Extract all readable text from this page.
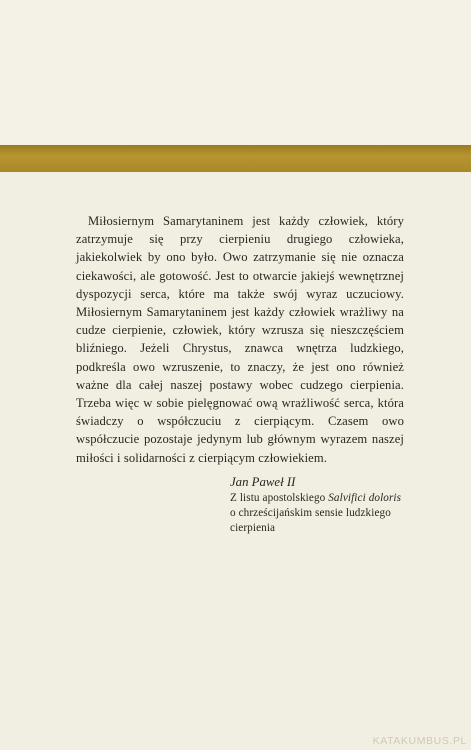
Miłosiernym Samarytaninem jest każdy człowiek, który zatrzymuje się przy cierpieniu drugiego człowieka, jakiekolwiek by ono było. Owo zatrzymanie się nie oznacza ciekawości, ale gotowość. Jest to otwarcie jakiejś wewnętrznej dyspozycji serca, które ma także swój wyraz uczuciowy. Miłosiernym Samarytaninem jest każdy człowiek wrażliwy na cudze cierpienie, człowiek, który wzrusza się nieszczęściem bliźniego. Jeżeli Chrystus, znawca wnętrza ludzkiego, podkreśla owo wzruszenie, to znaczy, że jest ono również ważne dla całej naszej postawy wobec cudzego cierpienia. Trzeba więc w sobie pielęgnować ową wrażliwość serca, która świadczy o współczuciu z cierpiącym. Czasem owo współczucie pozostaje jedynym lub głównym wyrazem naszej miłości i solidarności z cierpiącym człowiekiem.

Jan Paweł II
Z listu apostolskiego Salvifici doloris
o chrześcijańskim sensie ludzkiego
cierpienia
KATAKUMBUS.PL
